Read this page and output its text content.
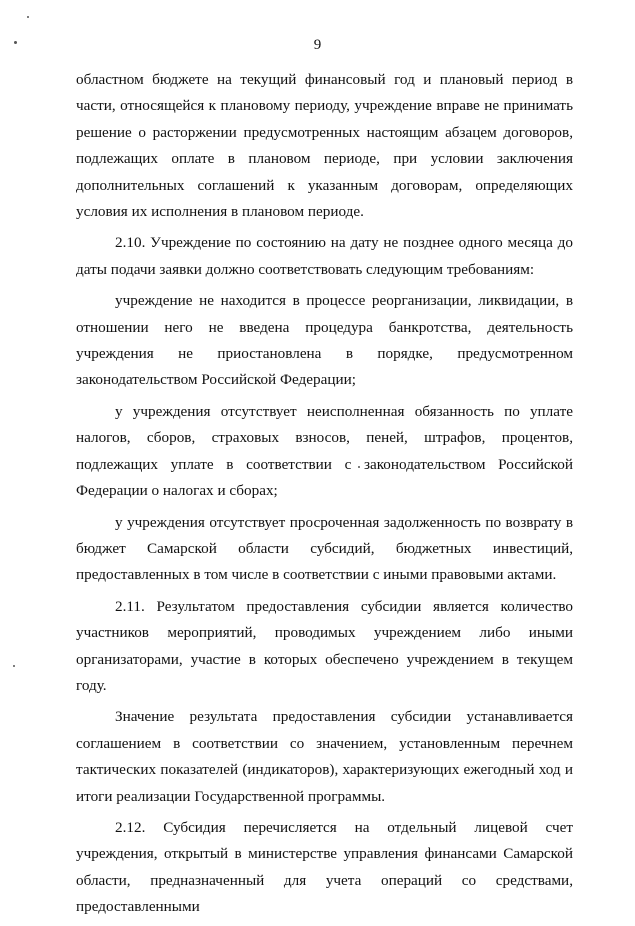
9

областном бюджете на текущий финансовый год и плановый период в части, относящейся к плановому периоду, учреждение вправе не принимать решение о расторжении предусмотренных настоящим абзацем договоров, подлежащих оплате в плановом периоде, при условии заключения дополнительных соглашений к указанным договорам, определяющих условия их исполнения в плановом периоде.

2.10. Учреждение по состоянию на дату не позднее одного месяца до даты подачи заявки должно соответствовать следующим требованиям:

учреждение не находится в процессе реорганизации, ликвидации, в отношении него не введена процедура банкротства, деятельность учреждения не приостановлена в порядке, предусмотренном законодательством Российской Федерации;

у учреждения отсутствует неисполненная обязанность по уплате налогов, сборов, страховых взносов, пеней, штрафов, процентов, подлежащих уплате в соответствии с законодательством Российской Федерации о налогах и сборах;

у учреждения отсутствует просроченная задолженность по возврату в бюджет Самарской области субсидий, бюджетных инвестиций, предоставленных в том числе в соответствии с иными правовыми актами.

2.11. Результатом предоставления субсидии является количество участников мероприятий, проводимых учреждением либо иными организаторами, участие в которых обеспечено учреждением в текущем году.

Значение результата предоставления субсидии устанавливается соглашением в соответствии со значением, установленным перечнем тактических показателей (индикаторов), характеризующих ежегодный ход и итоги реализации Государственной программы.

2.12. Субсидия перечисляется на отдельный лицевой счет учреждения, открытый в министерстве управления финансами Самарской области, предназначенный для учета операций со средствами, предоставленными
